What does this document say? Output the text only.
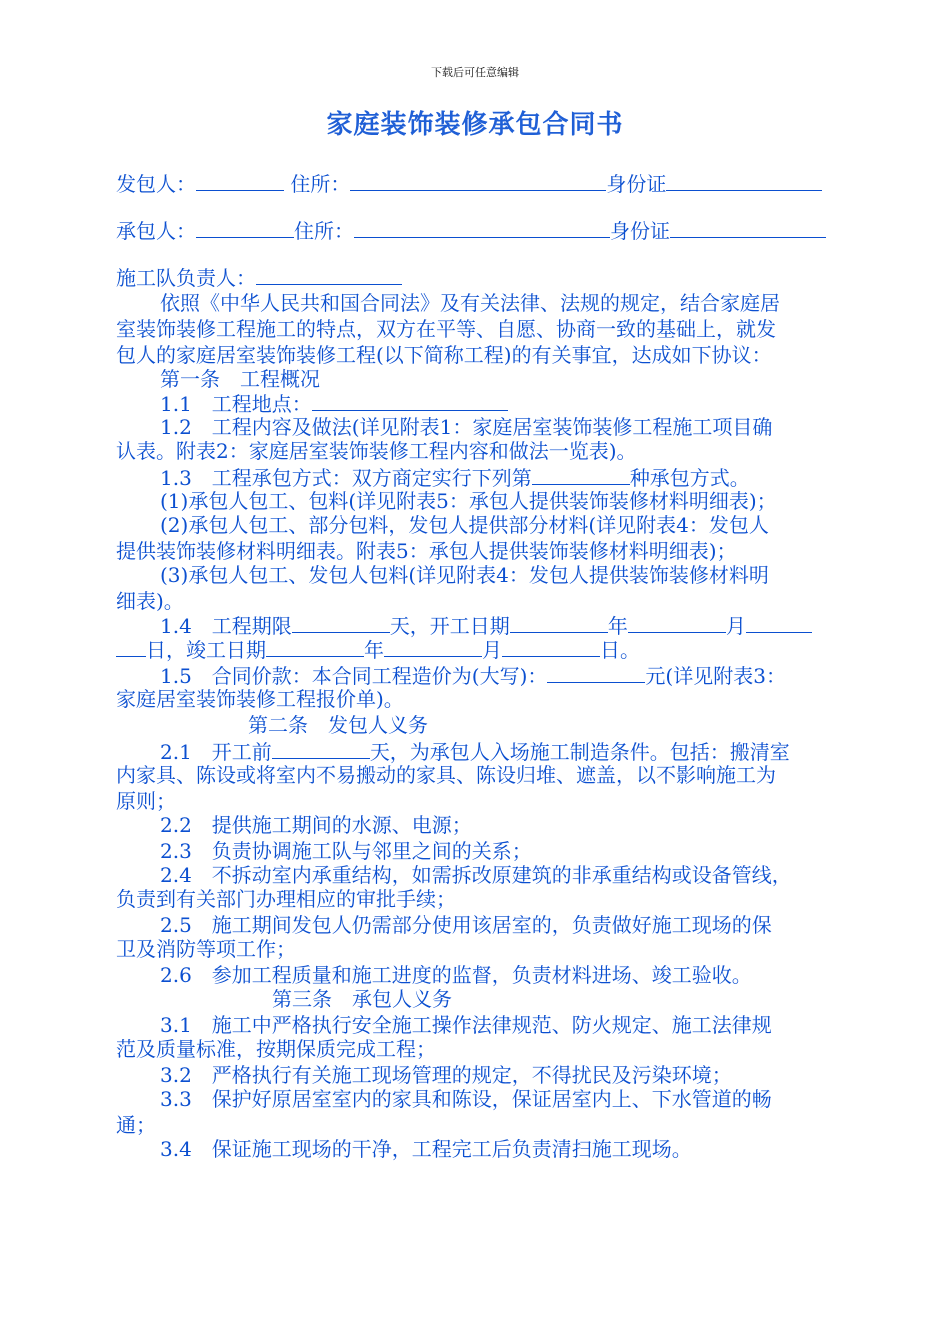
下载后可任意编辑
家庭装饰装修承包合同书
发包人：	住所：	身份证
承包人：	住所：	身份证
施工队负责人：
依照《中华人民共和国合同法》及有关法律、法规的规定，结合家庭居
室装饰装修工程施工的特点，双方在平等、自愿、协商一致的基础上，就发
包人的家庭居室装饰装修工程(以下简称工程)的有关事宜，达成如下协议：
第一条　工程概况
1.1　工程地点：
1.2　工程内容及做法(详见附表1：家庭居室装饰装修工程施工项目确
认表。附表2：家庭居室装饰装修工程内容和做法一览表)。
1.3　工程承包方式：双方商定实行下列第	种承包方式。
(1)承包人包工、包料(详见附表5：承包人提供装饰装修材料明细表)；
(2)承包人包工、部分包料，发包人提供部分材料(详见附表4：发包人
提供装饰装修材料明细表。附表5：承包人提供装饰装修材料明细表)；
(3)承包人包工、发包人包料(详见附表4：发包人提供装饰装修材料明
细表)。
1.4　工程期限	天，开工日期	年	月
日，竣工日期	年	月	日。
1.5　合同价款：本合同工程造价为(大写)：	元(详见附表3：
家庭居室装饰装修工程报价单)。
第二条　发包人义务
2.1　开工前	天，为承包人入场施工制造条件。包括：搬清室
内家具、陈设或将室内不易搬动的家具、陈设归堆、遮盖，以不影响施工为
原则；
2.2　提供施工期间的水源、电源；
2.3　负责协调施工队与邻里之间的关系；
2.4　不拆动室内承重结构，如需拆改原建筑的非承重结构或设备管线，
负责到有关部门办理相应的审批手续；
2.5　施工期间发包人仍需部分使用该居室的，负责做好施工现场的保
卫及消防等项工作；
2.6　参加工程质量和施工进度的监督，负责材料进场、竣工验收。
第三条　承包人义务
3.1　施工中严格执行安全施工操作法律规范、防火规定、施工法律规
范及质量标准，按期保质完成工程；
3.2　严格执行有关施工现场管理的规定，不得扰民及污染环境；
3.3　保护好原居室室内的家具和陈设，保证居室内上、下水管道的畅
通；
3.4　保证施工现场的干净，工程完工后负责清扫施工现场。
